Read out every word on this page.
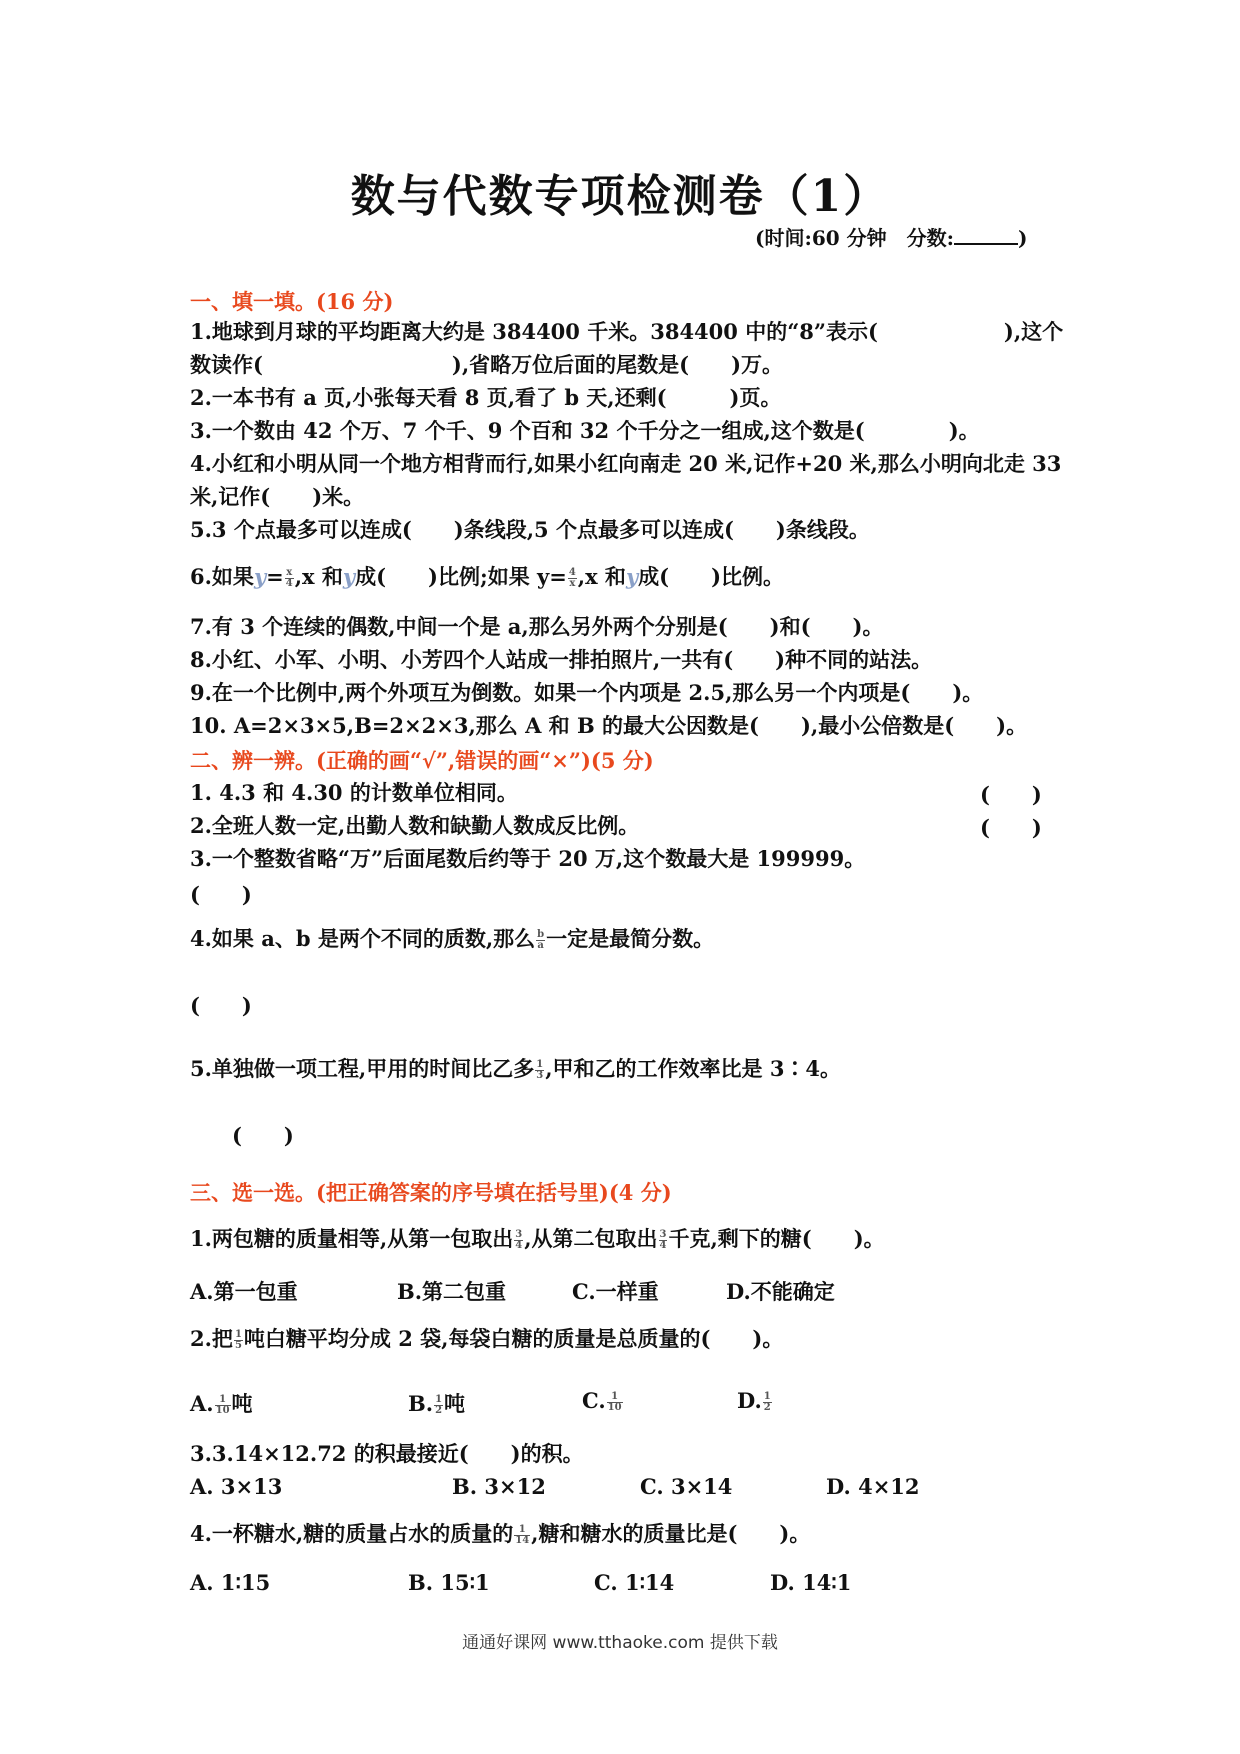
数与代数专项检测卷（1）
(时间:60 分钟　分数:	)
一、填一填。(16 分)
1.地球到月球的平均距离大约是 384400 千米。384400 中的“8”表示(　　　　　　),这个
数读作(　　　　　　　　　),省略万位后面的尾数是(　　)万。
2.一本书有 a 页,小张每天看 8 页,看了 b 天,还剩(　　　)页。
3.一个数由 42 个万、7 个千、9 个百和 32 个千分之一组成,这个数是(　　　　)。
4.小红和小明从同一个地方相背而行,如果小红向南走 20 米,记作+20 米,那么小明向北走 33
米,记作(　　)米。
5.3 个点最多可以连成(　　)条线段,5 个点最多可以连成(　　)条线段。
6.如果$y= \frac{x}{4} ,x$ 和y成(　　)比例;如果 $y= \frac{4}{x} ,x$ 和y成(　　)比例。
7.有 3 个连续的偶数,中间一个是 a,那么另外两个分别是(　　)和(　　)。
8.小红、小军、小明、小芳四个人站成一排拍照片,一共有(　　)种不同的站法。
9.在一个比例中,两个外项互为倒数。如果一个内项是 2.5,那么另一个内项是(　　)。
10. A=2×3×5,B=2×2×3,那么 A 和 B 的最大公因数是(　　),最小公倍数是(　　)。
二、辨一辨。(正确的画“√”,错误的画“×”)(5 分)
1. 4.3 和 4.30 的计数单位相同。	(　　)
2.全班人数一定,出勤人数和缺勤人数成反比例。	(　　)
3.一个整数省略“万”后面尾数后约等于 20 万,这个数最大是 199999。
(　　)
4.如果 a、b 是两个不同的质数,那么 $\frac{b}{a}$ 一定是最简分数。
(　　)
5.单独做一项工程,甲用的时间比乙多 $\frac{1}{3}$ ,甲和乙的工作效率比是 3∶4。
(　　)
三、选一选。(把正确答案的序号填在括号里)(4 分)
1.两包糖的质量相等,从第一包取出 $\frac{3}{4}$ ,从第二包取出 $\frac{3}{4}$ 千克,剩下的糖(　　)。
A.第一包重	B.第二包重	C.一样重	D.不能确定
2.把 $\frac{1}{5}$ 吨白糖平均分成 2 袋,每袋白糖的质量是总质量的(　　)。
A. $\frac{1}{10}$ 吨	B. $\frac{1}{2}$ 吨	C. $\frac{1}{10}$	D. $\frac{1}{2}$
3.3.14×12.72 的积最接近(　　)的积。
A. 3×13	B. 3×12	C. 3×14	D. 4×12
4.一杯糖水,糖的质量占水的质量的 $\frac{1}{14}$ ,糖和糖水的质量比是(　　)。
A. 1∶15	B. 15∶1	C. 1∶14	D. 14∶1
通通好课网 www.tthaoke.com 提供下载
